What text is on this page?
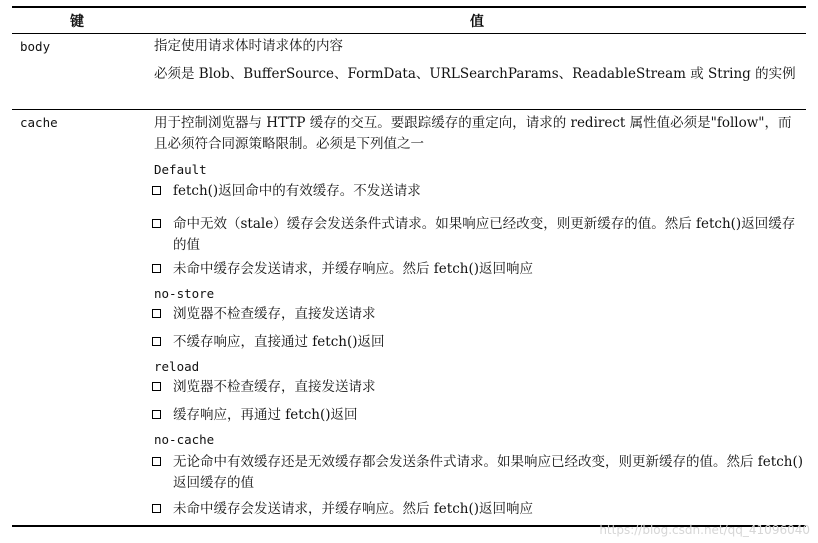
键	值
body	指定使用请求体时请求体的内容
必须是 Blob、BufferSource、FormData、URLSearchParams、ReadableStream 或 String 的实例
cache	用于控制浏览器与 HTTP 缓存的交互。要跟踪缓存的重定向，请求的 redirect 属性值必须是"follow"，而且必须符合同源策略限制。必须是下列值之一
Default
fetch()返回命中的有效缓存。不发送请求
命中无效（stale）缓存会发送条件式请求。如果响应已经改变，则更新缓存的值。然后 fetch()返回缓存的值
未命中缓存会发送请求，并缓存响应。然后 fetch()返回响应
no-store
浏览器不检查缓存，直接发送请求
不缓存响应，直接通过 fetch()返回
reload
浏览器不检查缓存，直接发送请求
缓存响应，再通过 fetch()返回
no-cache
无论命中有效缓存还是无效缓存都会发送条件式请求。如果响应已经改变，则更新缓存的值。然后 fetch()返回缓存的值
未命中缓存会发送请求，并缓存响应。然后 fetch()返回响应
https://blog.csdn.net/qq_41096040
